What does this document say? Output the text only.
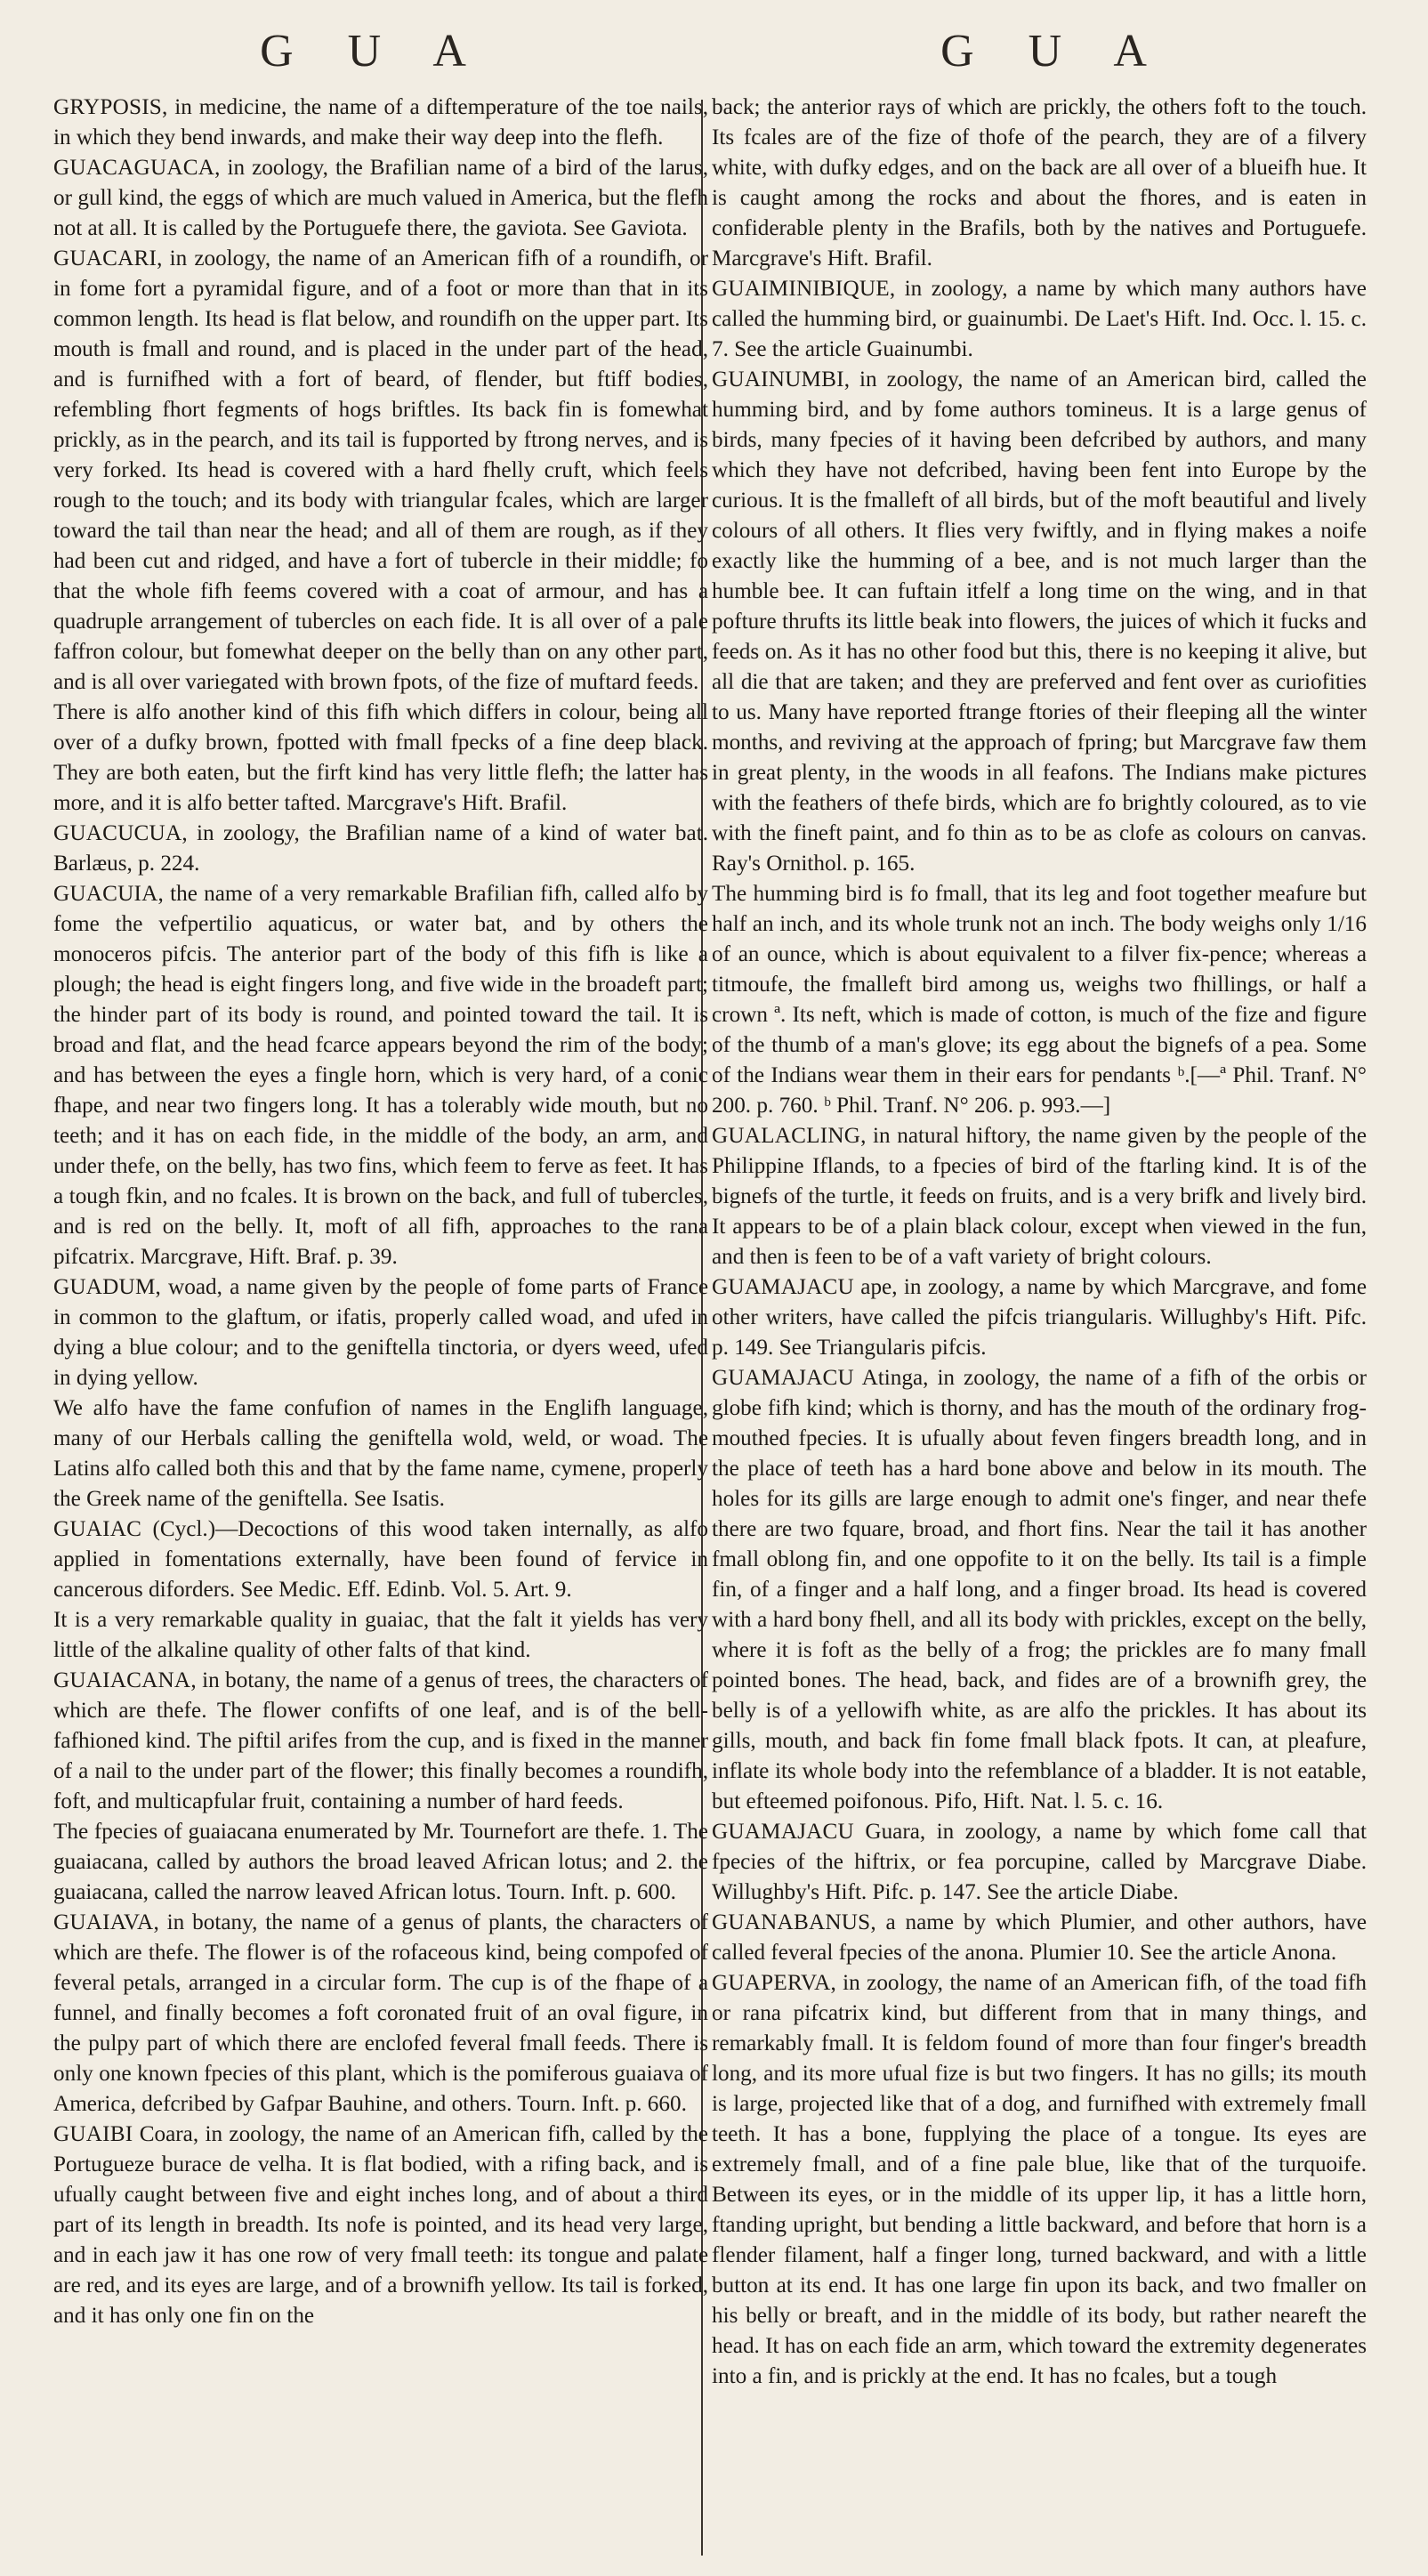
G U A	G U A

GRYPOSIS, in medicine, the name of a diftemperature of the toe nails, in which they bend inwards, and make their way deep into the flefh.

GUACAGUACA, in zoology, the Brafilian name of a bird of the larus, or gull kind, the eggs of which are much valued in America, but the flefh not at all. It is called by the Portuguefe there, the gaviota. See Gaviota.

GUACARI, in zoology, the name of an American fifh of a roundifh, or in fome fort a pyramidal figure, and of a foot or more than that in its common length. Its head is flat below, and roundifh on the upper part. Its mouth is fmall and round, and is placed in the under part of the head, and is furnifhed with a fort of beard, of flender, but ftiff bodies, refembling fhort fegments of hogs briftles. Its back fin is fomewhat prickly, as in the pearch, and its tail is fupported by ftrong nerves, and is very forked. Its head is covered with a hard fhelly cruft, which feels rough to the touch; and its body with triangular fcales, which are larger toward the tail than near the head; and all of them are rough, as if they had been cut and ridged, and have a fort of tubercle in their middle; fo that the whole fifh feems covered with a coat of armour, and has a quadruple arrangement of tubercles on each fide. It is all over of a pale faffron colour, but fomewhat deeper on the belly than on any other part, and is all over variegated with brown fpots, of the fize of muftard feeds.

There is alfo another kind of this fifh which differs in colour, being all over of a dufky brown, fpotted with fmall fpecks of a fine deep black. They are both eaten, but the firft kind has very little flefh; the latter has more, and it is alfo better tafted. Marcgrave's Hift. Brafil.

GUACUCUA, in zoology, the Brafilian name of a kind of water bat. Barlæus, p. 224.

GUACUIA, the name of a very remarkable Brafilian fifh, called alfo by fome the vefpertilio aquaticus, or water bat, and by others the monoceros pifcis. The anterior part of the body of this fifh is like a plough; the head is eight fingers long, and five wide in the broadeft part; the hinder part of its body is round, and pointed toward the tail. It is broad and flat, and the head fcarce appears beyond the rim of the body; and has between the eyes a fingle horn, which is very hard, of a conic fhape, and near two fingers long. It has a tolerably wide mouth, but no teeth; and it has on each fide, in the middle of the body, an arm, and under thefe, on the belly, has two fins, which feem to ferve as feet. It has a tough fkin, and no fcales. It is brown on the back, and full of tubercles, and is red on the belly. It, moft of all fifh, approaches to the rana pifcatrix. Marcgrave, Hift. Braf. p. 39.

GUADUM, woad, a name given by the people of fome parts of France in common to the glaftum, or ifatis, properly called woad, and ufed in dying a blue colour; and to the geniftella tinctoria, or dyers weed, ufed in dying yellow.

We alfo have the fame confufion of names in the Englifh language, many of our Herbals calling the geniftella wold, weld, or woad. The Latins alfo called both this and that by the fame name, cymene, properly the Greek name of the geniftella. See Isatis.

GUAIAC (Cycl.)—Decoctions of this wood taken internally, as alfo applied in fomentations externally, have been found of fervice in cancerous diforders. See Medic. Eff. Edinb. Vol. 5. Art. 9.

It is a very remarkable quality in guaiac, that the falt it yields has very little of the alkaline quality of other falts of that kind.

GUAIACANA, in botany, the name of a genus of trees, the characters of which are thefe. The flower confifts of one leaf, and is of the bell-fafhioned kind. The piftil arifes from the cup, and is fixed in the manner of a nail to the under part of the flower; this finally becomes a roundifh, foft, and multicapfular fruit, containing a number of hard feeds.

The fpecies of guaiacana enumerated by Mr. Tournefort are thefe. 1. The guaiacana, called by authors the broad leaved African lotus; and 2. the guaiacana, called the narrow leaved African lotus. Tourn. Inft. p. 600.

GUAIAVA, in botany, the name of a genus of plants, the characters of which are thefe. The flower is of the rofaceous kind, being compofed of feveral petals, arranged in a circular form. The cup is of the fhape of a funnel, and finally becomes a foft coronated fruit of an oval figure, in the pulpy part of which there are enclofed feveral fmall feeds. There is only one known fpecies of this plant, which is the pomiferous guaiava of America, defcribed by Gafpar Bauhine, and others. Tourn. Inft. p. 660.

GUAIBI Coara, in zoology, the name of an American fifh, called by the Portugueze burace de velha. It is flat bodied, with a rifing back, and is ufually caught between five and eight inches long, and of about a third part of its length in breadth. Its nofe is pointed, and its head very large, and in each jaw it has one row of very fmall teeth: its tongue and palate are red, and its eyes are large, and of a brownifh yellow. Its tail is forked, and it has only one fin on the

back; the anterior rays of which are prickly, the others foft to the touch. Its fcales are of the fize of thofe of the pearch, they are of a filvery white, with dufky edges, and on the back are all over of a blueifh hue. It is caught among the rocks and about the fhores, and is eaten in confiderable plenty in the Brafils, both by the natives and Portuguefe. Marcgrave's Hift. Brafil.

GUAIMINIBIQUE, in zoology, a name by which many authors have called the humming bird, or guainumbi. De Laet's Hift. Ind. Occ. l. 15. c. 7. See the article Guainumbi.

GUAINUMBI, in zoology, the name of an American bird, called the humming bird, and by fome authors tomineus. It is a large genus of birds, many fpecies of it having been defcribed by authors, and many which they have not defcribed, having been fent into Europe by the curious. It is the fmalleft of all birds, but of the moft beautiful and lively colours of all others. It flies very fwiftly, and in flying makes a noife exactly like the humming of a bee, and is not much larger than the humble bee. It can fuftain itfelf a long time on the wing, and in that pofture thrufts its little beak into flowers, the juices of which it fucks and feeds on. As it has no other food but this, there is no keeping it alive, but all die that are taken; and they are preferved and fent over as curiofities to us. Many have reported ftrange ftories of their fleeping all the winter months, and reviving at the approach of fpring; but Marcgrave faw them in great plenty, in the woods in all feafons. The Indians make pictures with the feathers of thefe birds, which are fo brightly coloured, as to vie with the fineft paint, and fo thin as to be as clofe as colours on canvas. Ray's Ornithol. p. 165.

The humming bird is fo fmall, that its leg and foot together meafure but half an inch, and its whole trunk not an inch. The body weighs only 1/16 of an ounce, which is about equivalent to a filver fix-pence; whereas a titmoufe, the fmalleft bird among us, weighs two fhillings, or half a crown ª. Its neft, which is made of cotton, is much of the fize and figure of the thumb of a man's glove; its egg about the bignefs of a pea. Some of the Indians wear them in their ears for pendants ᵇ.[—ª Phil. Tranf. N° 200. p. 760. ᵇ Phil. Tranf. N° 206. p. 993.—]

GUALACLING, in natural hiftory, the name given by the people of the Philippine Iflands, to a fpecies of bird of the ftarling kind. It is of the bignefs of the turtle, it feeds on fruits, and is a very brifk and lively bird. It appears to be of a plain black colour, except when viewed in the fun, and then is feen to be of a vaft variety of bright colours.

GUAMAJACU ape, in zoology, a name by which Marcgrave, and fome other writers, have called the pifcis triangularis. Willughby's Hift. Pifc. p. 149. See Triangularis pifcis.

GUAMAJACU Atinga, in zoology, the name of a fifh of the orbis or globe fifh kind; which is thorny, and has the mouth of the ordinary frog-mouthed fpecies. It is ufually about feven fingers breadth long, and in the place of teeth has a hard bone above and below in its mouth. The holes for its gills are large enough to admit one's finger, and near thefe there are two fquare, broad, and fhort fins. Near the tail it has another fmall oblong fin, and one oppofite to it on the belly. Its tail is a fimple fin, of a finger and a half long, and a finger broad. Its head is covered with a hard bony fhell, and all its body with prickles, except on the belly, where it is foft as the belly of a frog; the prickles are fo many fmall pointed bones. The head, back, and fides are of a brownifh grey, the belly is of a yellowifh white, as are alfo the prickles. It has about its gills, mouth, and back fin fome fmall black fpots. It can, at pleafure, inflate its whole body into the refemblance of a bladder. It is not eatable, but efteemed poifonous. Pifo, Hift. Nat. l. 5. c. 16.

GUAMAJACU Guara, in zoology, a name by which fome call that fpecies of the hiftrix, or fea porcupine, called by Marcgrave Diabe. Willughby's Hift. Pifc. p. 147. See the article Diabe.

GUANABANUS, a name by which Plumier, and other authors, have called feveral fpecies of the anona. Plumier 10. See the article Anona.

GUAPERVA, in zoology, the name of an American fifh, of the toad fifh or rana pifcatrix kind, but different from that in many things, and remarkably fmall. It is feldom found of more than four finger's breadth long, and its more ufual fize is but two fingers. It has no gills; its mouth is large, projected like that of a dog, and furnifhed with extremely fmall teeth. It has a bone, fupplying the place of a tongue. Its eyes are extremely fmall, and of a fine pale blue, like that of the turquoife. Between its eyes, or in the middle of its upper lip, it has a little horn, ftanding upright, but bending a little backward, and before that horn is a flender filament, half a finger long, turned backward, and with a little button at its end. It has one large fin upon its back, and two fmaller on his belly or breaft, and in the middle of its body, but rather neareft the head. It has on each fide an arm, which toward the extremity degenerates into a fin, and is prickly at the end. It has no fcales, but a tough
